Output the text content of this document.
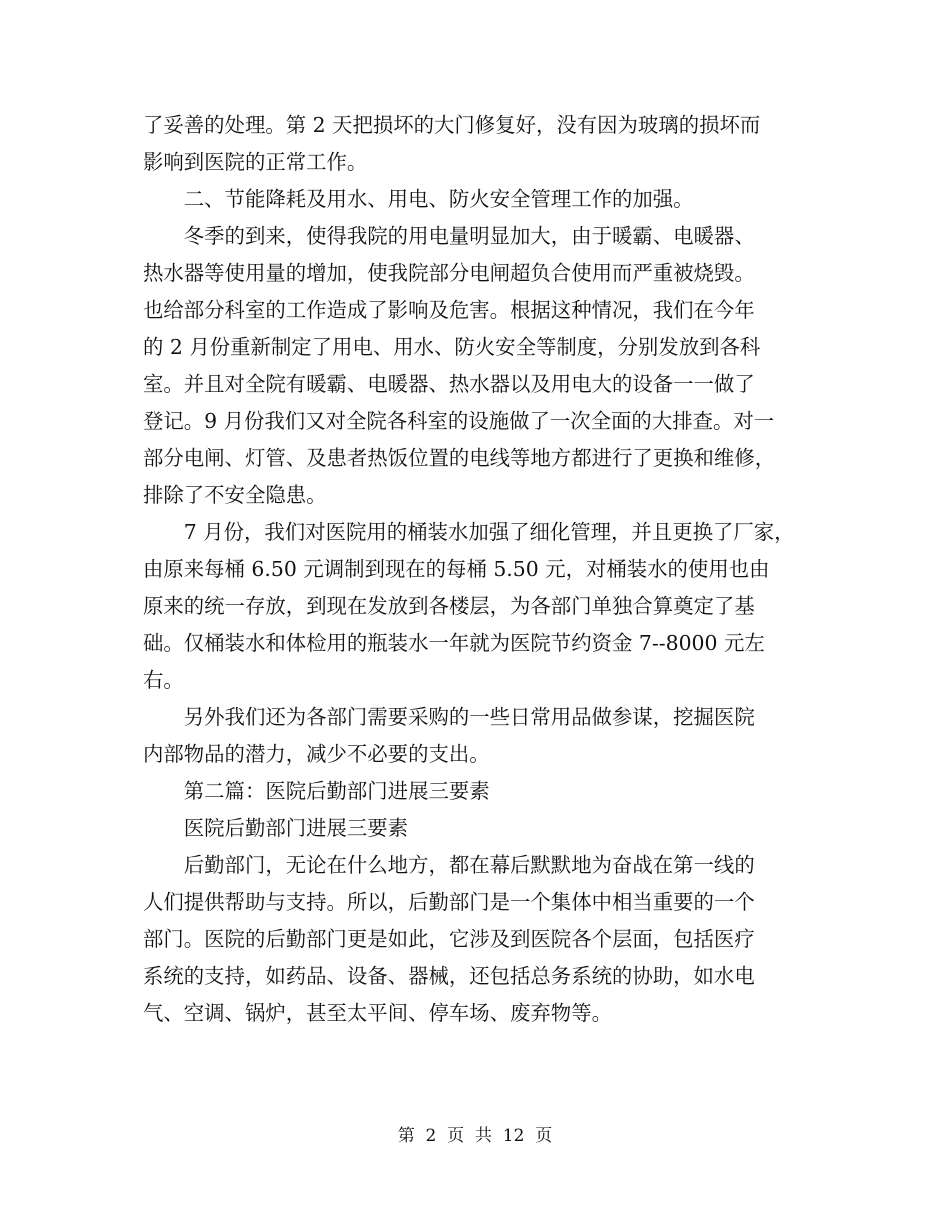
了妥善的处理。第 2 天把损坏的大门修复好，没有因为玻璃的损坏而
影响到医院的正常工作。
　　二、节能降耗及用水、用电、防火安全管理工作的加强。
　　冬季的到来，使得我院的用电量明显加大，由于暖霸、电暖器、
热水器等使用量的增加，使我院部分电闸超负合使用而严重被烧毁。
也给部分科室的工作造成了影响及危害。根据这种情况，我们在今年
的 2 月份重新制定了用电、用水、防火安全等制度，分别发放到各科
室。并且对全院有暖霸、电暖器、热水器以及用电大的设备一一做了
登记。9 月份我们又对全院各科室的设施做了一次全面的大排查。对一
部分电闸、灯管、及患者热饭位置的电线等地方都进行了更换和维修，
排除了不安全隐患。
　　7 月份，我们对医院用的桶装水加强了细化管理，并且更换了厂家，
由原来每桶 6.50 元调制到现在的每桶 5.50 元，对桶装水的使用也由
原来的统一存放，到现在发放到各楼层，为各部门单独合算奠定了基
础。仅桶装水和体检用的瓶装水一年就为医院节约资金 7--8000 元左
右。
　　另外我们还为各部门需要采购的一些日常用品做参谋，挖掘医院
内部物品的潜力，减少不必要的支出。
　　第二篇：医院后勤部门进展三要素
　　医院后勤部门进展三要素
　　后勤部门，无论在什么地方，都在幕后默默地为奋战在第一线的
人们提供帮助与支持。所以，后勤部门是一个集体中相当重要的一个
部门。医院的后勤部门更是如此，它涉及到医院各个层面，包括医疗
系统的支持，如药品、设备、器械，还包括总务系统的协助，如水电
气、空调、锅炉，甚至太平间、停车场、废弃物等。
第  2  页  共  12  页
